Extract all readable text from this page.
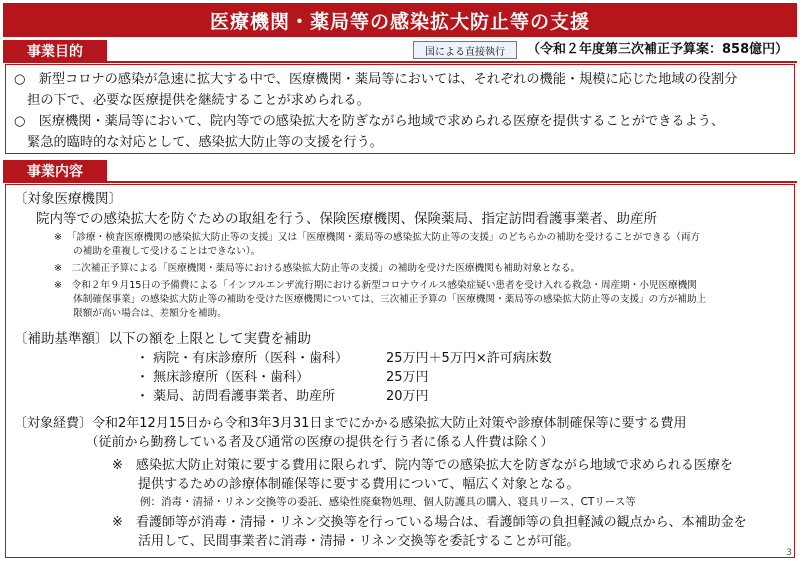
医療機関・薬局等の感染拡大防止等の支援
事業目的	国による直接執行	（令和２年度第三次補正予算案：858億円）
○　新型コロナの感染が急速に拡大する中で、医療機関・薬局等においては、それぞれの機能・規模に応じた地域の役割分
　担の下で、必要な医療提供を継続することが求められる。
○　医療機関・薬局等において、院内等での感染拡大を防ぎながら地域で求められる医療を提供することができるよう、
　緊急的臨時的な対応として、感染拡大防止等の支援を行う。
事業内容
〔対象医療機関〕
院内等での感染拡大を防ぐための取組を行う、保険医療機関、保険薬局、指定訪問看護事業者、助産所
※　「診療・検査医療機関の感染拡大防止等の支援」又は「医療機関・薬局等の感染拡大防止等の支援」のどちらかの補助を受けることができる（両方
　　の補助を重複して受けることはできない）。
※　二次補正予算による「医療機関・薬局等における感染拡大防止等の支援」の補助を受けた医療機関も補助対象となる。
※　令和２年９月15日の予備費による「インフルエンザ流行期における新型コロナウイルス感染症疑い患者を受け入れる救急・周産期・小児医療機関
　　体制確保事業」の感染拡大防止等の補助を受けた医療機関については、三次補正予算の「医療機関・薬局等の感染拡大防止等の支援」の方が補助上
　　限額が高い場合は、差額分を補助。
〔補助基準額〕以下の額を上限として実費を補助
・ 病院・有床診療所（医科・歯科）	25万円＋5万円×許可病床数
・ 無床診療所（医科・歯科）	25万円
・ 薬局、訪問看護事業者、助産所	20万円
〔対象経費〕令和2年12月15日から令和3年3月31日までにかかる感染拡大防止対策や診療体制確保等に要する費用
　　　　　　（従前から勤務している者及び通常の医療の提供を行う者に係る人件費は除く）
※　感染拡大防止対策に要する費用に限られず、院内等での感染拡大を防ぎながら地域で求められる医療を
　　提供するための診療体制確保等に要する費用について、幅広く対象となる。
例：消毒・清掃・リネン交換等の委託、感染性廃棄物処理、個人防護具の購入、寝具リース、CTリース等
※　看護師等が消毒・清掃・リネン交換等を行っている場合は、看護師等の負担軽減の観点から、本補助金を
　　活用して、民間事業者に消毒・清掃・リネン交換等を委託することが可能。
3
